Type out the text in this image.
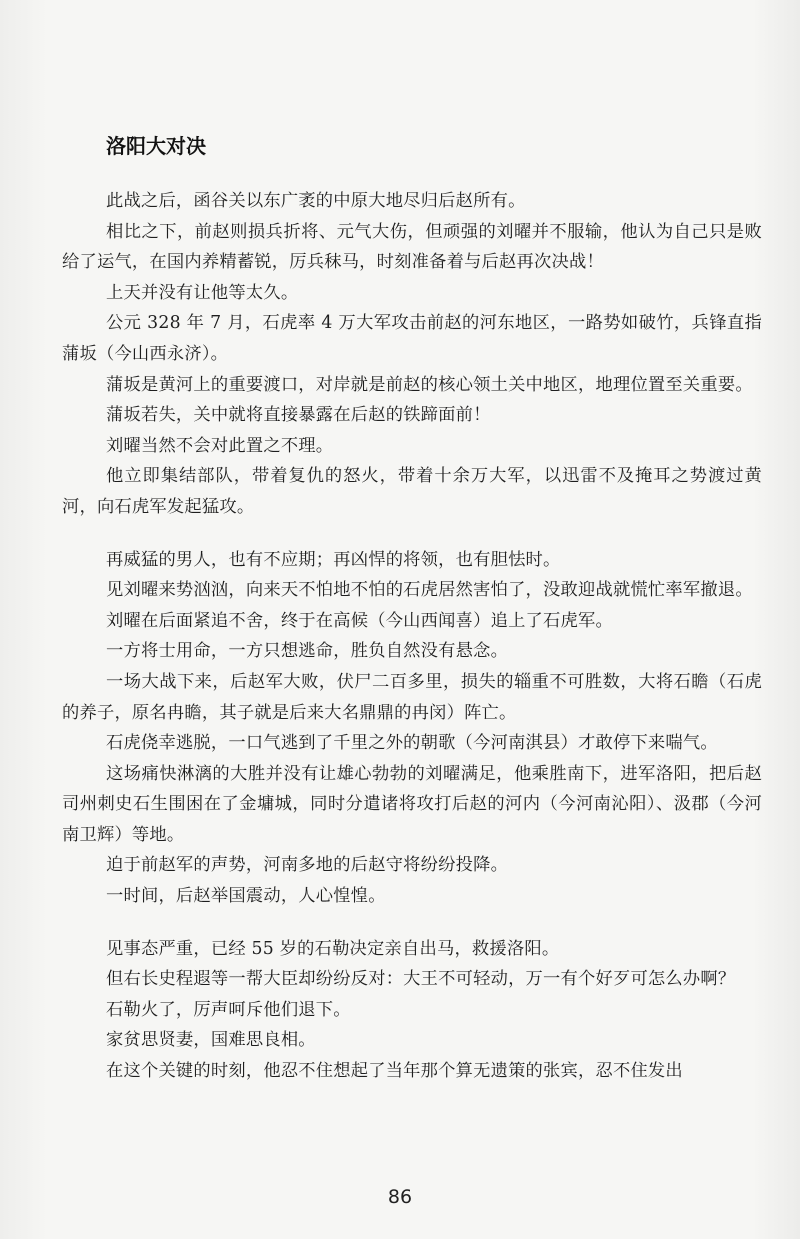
洛阳大对决

此战之后，函谷关以东广袤的中原大地尽归后赵所有。

相比之下，前赵则损兵折将、元气大伤，但顽强的刘曜并不服输，他认为自己只是败给了运气，在国内养精蓄锐，厉兵秣马，时刻准备着与后赵再次决战！

上天并没有让他等太久。

公元 328 年 7 月，石虎率 4 万大军攻击前赵的河东地区，一路势如破竹，兵锋直指蒲坂（今山西永济）。

蒲坂是黄河上的重要渡口，对岸就是前赵的核心领土关中地区，地理位置至关重要。

蒲坂若失，关中就将直接暴露在后赵的铁蹄面前！

刘曜当然不会对此置之不理。

他立即集结部队，带着复仇的怒火，带着十余万大军，以迅雷不及掩耳之势渡过黄河，向石虎军发起猛攻。

再威猛的男人，也有不应期；再凶悍的将领，也有胆怯时。

见刘曜来势汹汹，向来天不怕地不怕的石虎居然害怕了，没敢迎战就慌忙率军撤退。

刘曜在后面紧追不舍，终于在高候（今山西闻喜）追上了石虎军。

一方将士用命，一方只想逃命，胜负自然没有悬念。

一场大战下来，后赵军大败，伏尸二百多里，损失的辎重不可胜数，大将石瞻（石虎的养子，原名冉瞻，其子就是后来大名鼎鼎的冉闵）阵亡。

石虎侥幸逃脱，一口气逃到了千里之外的朝歌（今河南淇县）才敢停下来喘气。

这场痛快淋漓的大胜并没有让雄心勃勃的刘曜满足，他乘胜南下，进军洛阳，把后赵司州刺史石生围困在了金墉城，同时分遣诸将攻打后赵的河内（今河南沁阳）、汲郡（今河南卫辉）等地。

迫于前赵军的声势，河南多地的后赵守将纷纷投降。

一时间，后赵举国震动，人心惶惶。

见事态严重，已经 55 岁的石勒决定亲自出马，救援洛阳。

但右长史程遐等一帮大臣却纷纷反对：大王不可轻动，万一有个好歹可怎么办啊？

石勒火了，厉声呵斥他们退下。

家贫思贤妻，国难思良相。

在这个关键的时刻，他忍不住想起了当年那个算无遗策的张宾，忍不住发出

86
